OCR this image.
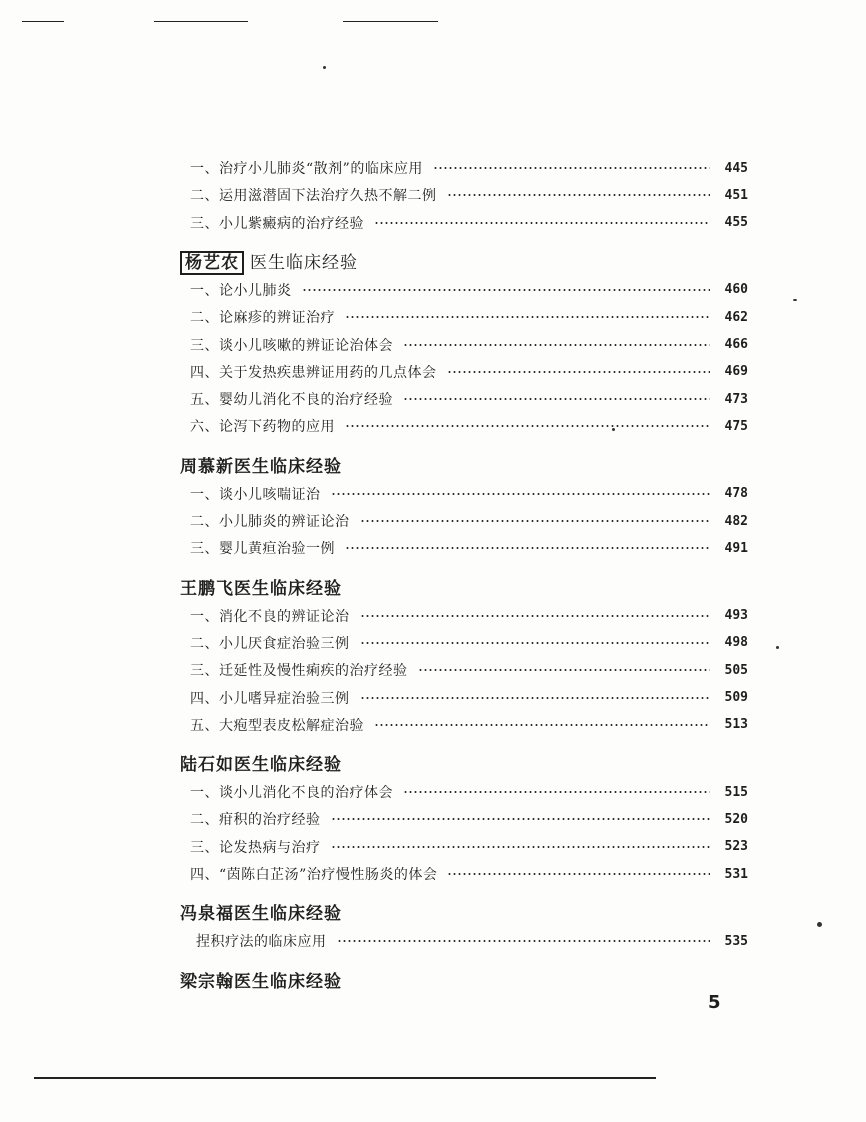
一、治疗小儿肺炎“散剂”的临床应用	445
二、运用滋潜固下法治疗久热不解二例	451
三、小儿紫癜病的治疗经验	455
杨艺农 医生临床经验
一、论小儿肺炎	460
二、论麻疹的辨证治疗	462
三、谈小儿咳嗽的辨证论治体会	466
四、关于发热疾患辨证用药的几点体会	469
五、婴幼儿消化不良的治疗经验	473
六、论泻下药物的应用	475
周慕新医生临床经验
一、谈小儿咳喘证治	478
二、小儿肺炎的辨证论治	482
三、婴儿黄疸治验一例	491
王鹏飞医生临床经验
一、消化不良的辨证论治	493
二、小儿厌食症治验三例	498
三、迁延性及慢性痢疾的治疗经验	505
四、小儿嗜异症治验三例	509
五、大疱型表皮松解症治验	513
陆石如医生临床经验
一、谈小儿消化不良的治疗体会	515
二、疳积的治疗经验	520
三、论发热病与治疗	523
四、“茵陈白芷汤”治疗慢性肠炎的体会	531
冯泉福医生临床经验
捏积疗法的临床应用	535
梁宗翰医生临床经验
5
